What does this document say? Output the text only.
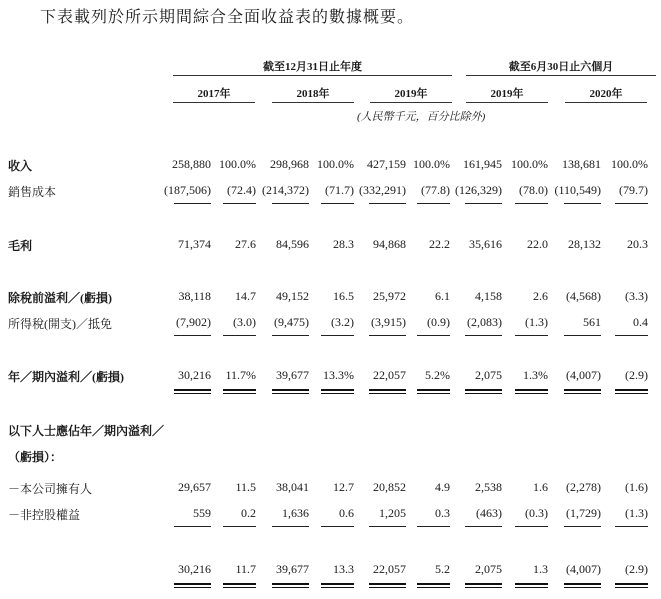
下表載列於所示期間綜合全面收益表的數據概要。
截至12月31日止年度	截至6月30日止六個月
2017年	2018年	2019年	2019年	2020年
(人民幣千元，百分比除外)
收入	258,880 100.0%	298,968 100.0%	427,159 100.0%	161,945 100.0%	138,681 100.0%
銷售成本	(187,506)	(72.4) (214,372)	(71.7) (332,291)	(77.8) (126,329)	(78.0) (110,549)	(79.7)
毛利	71,374	27.6	84,596	28.3	94,868	22.2	35,616	22.0	28,132	20.3
除稅前溢利／(虧損)	38,118	14.7	49,152	16.5	25,972	6.1	4,158	2.6	(4,568)	(3.3)
所得稅(開支)／抵免	(7,902)	(3.0)	(9,475)	(3.2)	(3,915)	(0.9)	(2,083)	(1.3)	561	0.4
年／期內溢利／(虧損)	30,216	11.7%	39,677	13.3%	22,057	5.2%	2,075	1.3%	(4,007)	(2.9)
以下人士應佔年／期內溢利／
（虧損）：
－本公司擁有人	29,657	11.5	38,041	12.7	20,852	4.9	2,538	1.6	(2,278)	(1.6)
－非控股權益	559	0.2	1,636	0.6	1,205	0.3	(463)	(0.3)	(1,729)	(1.3)
30,216	11.7	39,677	13.3	22,057	5.2	2,075	1.3	(4,007)	(2.9)
